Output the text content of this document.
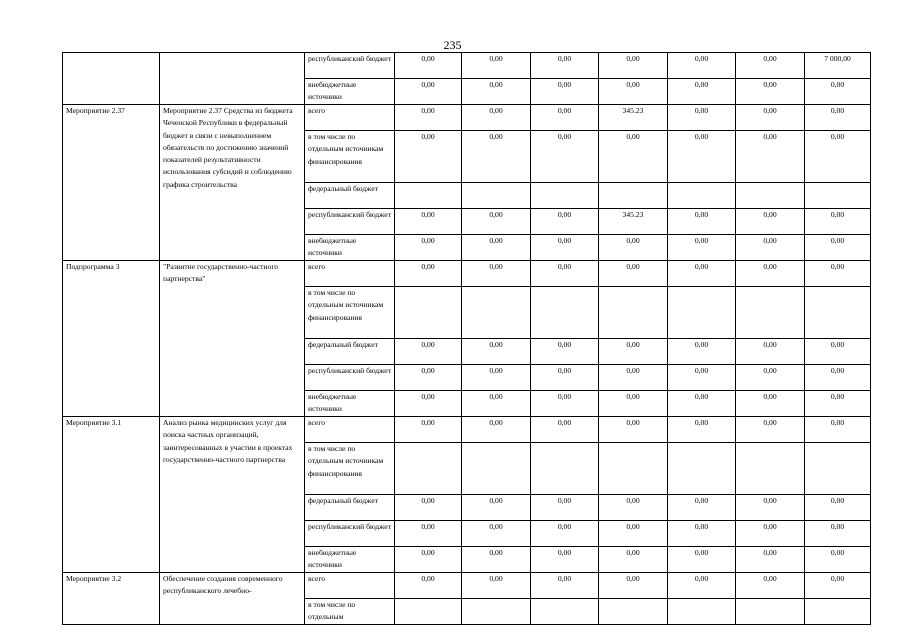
235
		республиканский бюджет	0,00	0,00	0,00	0,00	0,00	0,00	7 000,00
		внебюджетные источники	0,00	0,00	0,00	0,00	0,00	0,00	0,00
Мероприятие 2.37	Мероприятие 2.37 Средства из бюджета Чеченской Республики в федеральный бюджет в связи с невыполнением обязательств по достижению значений показателей результативности использования субсидий и соблюдению графика строительства	всего	0,00	0,00	0,00	345.23	0,00	0,00	0,00
		в том числе по отдельным источникам финансирования	0,00	0,00	0,00	0,00	0,00	0,00	0,00
		федеральный бюджет							
		республиканский бюджет	0,00	0,00	0,00	345.23	0,00	0,00	0,00
		внебюджетные источники	0,00	0,00	0,00	0,00	0,00	0,00	0,00
Подпрограмма 3	"Развитие государственно-частного партнерства"	всего	0,00	0,00	0,00	0,00	0,00	0,00	0,00
		в том числе по отдельным источникам финансирования							
		федеральный бюджет	0,00	0,00	0,00	0,00	0,00	0,00	0,00
		республиканский бюджет	0,00	0,00	0,00	0,00	0,00	0,00	0,00
		внебюджетные источники	0,00	0,00	0,00	0,00	0,00	0,00	0,00
Мероприятие 3.1	Анализ рынка медицинских услуг для поиска частных организаций, заинтересованных в участии в проектах государственно-частного партнерства	всего	0,00	0,00	0,00	0,00	0,00	0,00	0,00
		в том числе по отдельным источникам финансирования							
		федеральный бюджет	0,00	0,00	0,00	0,00	0,00	0,00	0,00
		республиканский бюджет	0,00	0,00	0,00	0,00	0,00	0,00	0,00
		внебюджетные источники	0,00	0,00	0,00	0,00	0,00	0,00	0,00
Мероприятие 3.2	Обеспечение создания современного республиканского лечебно-	всего	0,00	0,00	0,00	0,00	0,00	0,00	0,00
		в том числе по отдельным							
